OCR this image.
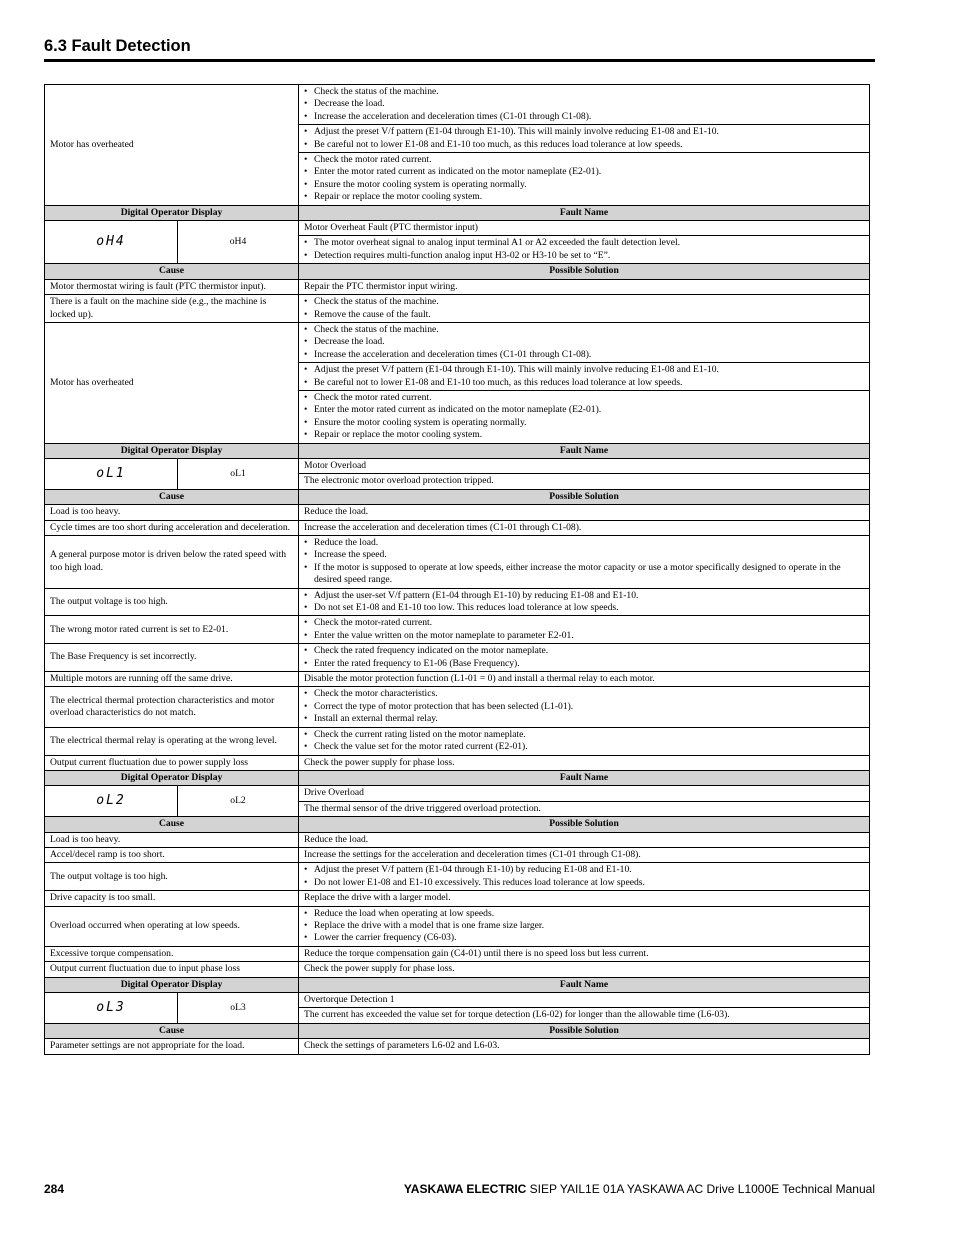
6.3 Fault Detection
Motor has overheated		• Check the status of the machine.
• Decrease the load.
• Increase the acceleration and deceleration times (C1-01 through C1-08).

		• Adjust the preset V/f pattern (E1-04 through E1-10). This will mainly involve reducing E1-08 and E1-10.
• Be careful not to lower E1-08 and E1-10 too much, as this reduces load tolerance at low speeds.

		• Check the motor rated current.
• Enter the motor rated current as indicated on the motor nameplate (E2-01).
• Ensure the motor cooling system is operating normally.
• Repair or replace the motor cooling system.

Digital Operator Display		Fault Name
oH4	oH4	Motor Overheat Fault (PTC thermistor input)

		• The motor overheat signal to analog input terminal A1 or A2 exceeded the fault detection level.
• Detection requires multi-function analog input H3-02 or H3-10 be set to “E”.

Cause		Possible Solution
Motor thermostat wiring is fault (PTC thermistor input).		Repair the PTC thermistor input wiring.
There is a fault on the machine side (e.g., the machine is locked up).		• Check the status of the machine.
• Remove the cause of the fault.

Motor has overheated		• Check the status of the machine.
• Decrease the load.
• Increase the acceleration and deceleration times (C1-01 through C1-08).

		• Adjust the preset V/f pattern (E1-04 through E1-10). This will mainly involve reducing E1-08 and E1-10.
• Be careful not to lower E1-08 and E1-10 too much, as this reduces load tolerance at low speeds.

		• Check the motor rated current.
• Enter the motor rated current as indicated on the motor nameplate (E2-01).
• Ensure the motor cooling system is operating normally.
• Repair or replace the motor cooling system.

Digital Operator Display		Fault Name
oL1	oL1	Motor Overload
		The electronic motor overload protection tripped.
Cause		Possible Solution
Load is too heavy.		Reduce the load.
Cycle times are too short during acceleration and deceleration.		Increase the acceleration and deceleration times (C1-01 through C1-08).
A general purpose motor is driven below the rated speed with too high load.		• Reduce the load.
• Increase the speed.
• If the motor is supposed to operate at low speeds, either increase the motor capacity or use a motor specifically designed to operate in the desired speed range.

The output voltage is too high.		• Adjust the user-set V/f pattern (E1-04 through E1-10) by reducing E1-08 and E1-10.
• Do not set E1-08 and E1-10 too low. This reduces load tolerance at low speeds.

The wrong motor rated current is set to E2-01.		• Check the motor-rated current.
• Enter the value written on the motor nameplate to parameter E2-01.

The Base Frequency is set incorrectly.		• Check the rated frequency indicated on the motor nameplate.
• Enter the rated frequency to E1-06 (Base Frequency).

Multiple motors are running off the same drive.		Disable the motor protection function (L1-01 = 0) and install a thermal relay to each motor.
The electrical thermal protection characteristics and motor overload characteristics do not match.		• Check the motor characteristics.
• Correct the type of motor protection that has been selected (L1-01).
• Install an external thermal relay.

The electrical thermal relay is operating at the wrong level.		• Check the current rating listed on the motor nameplate.
• Check the value set for the motor rated current (E2-01).

Output current fluctuation due to power supply loss		Check the power supply for phase loss.
Digital Operator Display		Fault Name
oL2	oL2	Drive Overload
		The thermal sensor of the drive triggered overload protection.
Cause		Possible Solution
Load is too heavy.		Reduce the load.
Accel/decel ramp is too short.		Increase the settings for the acceleration and deceleration times (C1-01 through C1-08).
The output voltage is too high.		• Adjust the preset V/f pattern (E1-04 through E1-10) by reducing E1-08 and E1-10.
• Do not lower E1-08 and E1-10 excessively. This reduces load tolerance at low speeds.

Drive capacity is too small.		Replace the drive with a larger model.
Overload occurred when operating at low speeds.		• Reduce the load when operating at low speeds.
• Replace the drive with a model that is one frame size larger.
• Lower the carrier frequency (C6-03).

Excessive torque compensation.		Reduce the torque compensation gain (C4-01) until there is no speed loss but less current.
Output current fluctuation due to input phase loss		Check the power supply for phase loss.
Digital Operator Display		Fault Name
oL3	oL3	Overtorque Detection 1
		The current has exceeded the value set for torque detection (L6-02) for longer than the allowable time (L6-03).
Cause		Possible Solution
Parameter settings are not appropriate for the load.		Check the settings of parameters L6-02 and L6-03.
284	YASKAWA ELECTRIC SIEP YAIL1E 01A YASKAWA AC Drive L1000E Technical Manual
